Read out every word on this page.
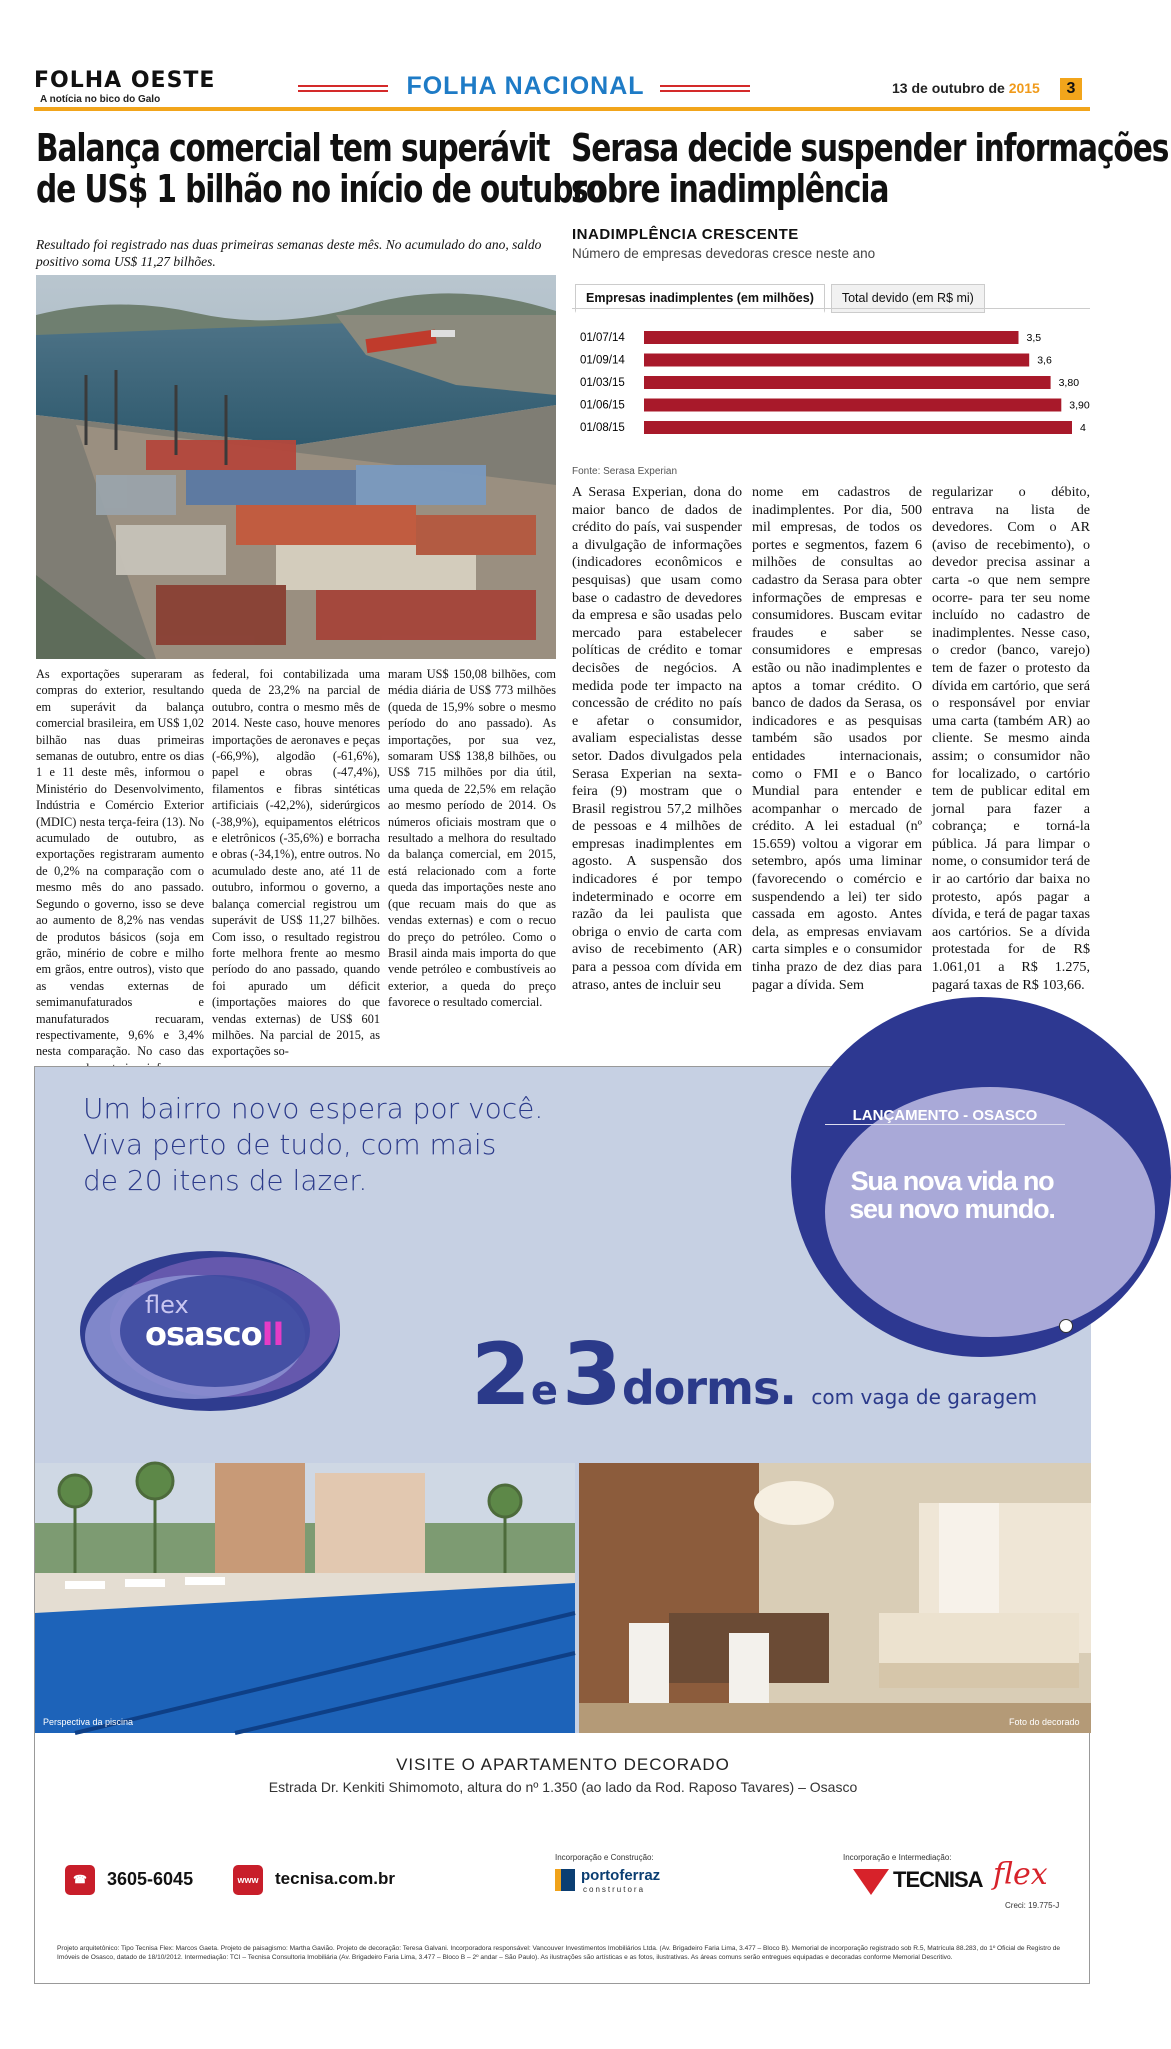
FOLHA OESTE
A notícia no bico do Galo	FOLHA NACIONAL	13 de outubro de 2015	3
Balança comercial tem superávit
de US$ 1 bilhão no início de outubro
Resultado foi registrado nas duas primeiras semanas deste mês. No acumulado do ano, saldo positivo soma US$ 11,27 bilhões.
As exportações superaram as compras do exterior, resultando em superávit da balança comercial brasileira, em US$ 1,02 bilhão nas duas primeiras semanas de outubro, entre os dias 1 e 11 deste mês, informou o Ministério do Desenvolvimento, Indústria e Comércio Exterior (MDIC) nesta terça-feira (13). No acumulado de outubro, as exportações registraram aumento de 0,2% na comparação com o mesmo mês do ano passado. Segundo o governo, isso se deve ao aumento de 8,2% nas vendas de produtos básicos (soja em grão, minério de cobre e milho em grãos, entre outros), visto que as vendas externas de semimanufaturados e manufaturados recuaram, respectivamente, 9,6% e 3,4% nesta comparação. No caso das
federal, foi contabilizada uma queda de 23,2% na parcial de outubro, contra o mesmo mês de 2014. Neste caso, houve menores importações de aeronaves e peças (-66,9%), algodão (-61,6%), papel e obras (-47,4%), filamentos e fibras sintéticas artificiais (-42,2%), siderúrgicos (-38,9%), equipamentos elétricos e eletrônicos (-35,6%) e borracha e obras (-34,1%), entre outros. No acumulado deste ano, até 11 de outubro, informou o governo, a balança comercial registrou um superávit de US$ 11,27 bilhões. Com isso, o resultado registrou forte melhora frente ao mesmo período do ano passado, quando foi apurado um déficit (importações maiores do que vendas externas) de US$ 601 milhões. Na parcial de 2015, as exportações so-
maram US$ 150,08 bilhões, com média diária de US$ 773 milhões (queda de 15,9% sobre o mesmo período do ano passado). As importações, por sua vez, somaram US$ 138,8 bilhões, ou US$ 715 milhões por dia útil, uma queda de 22,5% em relação ao mesmo período de 2014. Os números oficiais mostram que o resultado a melhora do resultado da balança comercial, em 2015, está relacionado com a forte queda das importações neste ano (que recuam mais do que as vendas externas) e com o recuo do preço do petróleo. Como o Brasil ainda mais importa do que vende petróleo e combustíveis ao exterior, a queda do preço favorece o resultado comercial.
Serasa decide suspender informações
sobre inadimplência
INADIMPLÊNCIA CRESCENTE
Número de empresas devedoras cresce neste ano
Empresas inadimplentes (em milhões)	Total devido (em R$ mi)
01/07/14	3,5
01/09/14	3,6
01/03/15	3,80
01/06/15	3,90
01/08/15	4
Fonte: Serasa Experian
A Serasa Experian, dona do maior banco de dados de crédito do país, vai suspender a divulgação de informações (indicadores econômicos e pesquisas) que usam como base o cadastro de devedores da empresa e são usadas pelo mercado para estabelecer políticas de crédito e tomar decisões de negócios. A medida pode ter impacto na concessão de crédito no país e afetar o consumidor, avaliam especialistas desse setor. Dados divulgados pela Serasa Experian na sexta-feira (9) mostram que o Brasil registrou 57,2 milhões de pessoas e 4 milhões de empresas inadimplentes em agosto. A suspensão dos indicadores é por tempo indeterminado e ocorre em razão da lei paulista que obriga o envio de carta com aviso de recebimento (AR) para a pessoa com dívida em atraso, antes de incluir seu
nome em cadastros de inadimplentes. Por dia, 500 mil empresas, de todos os portes e segmentos, fazem 6 milhões de consultas ao cadastro da Serasa para obter informações de empresas e consumidores. Buscam evitar fraudes e saber se consumidores e empresas estão ou não inadimplentes e aptos a tomar crédito. O banco de dados da Serasa, os indicadores e as pesquisas também são usados por entidades internacionais, como o FMI e o Banco Mundial para entender e acompanhar o mercado de crédito. A lei estadual (nº 15.659) voltou a vigorar em setembro, após uma liminar (favorecendo o comércio e suspendendo a lei) ter sido cassada em agosto. Antes dela, as empresas enviavam carta simples e o consumidor tinha prazo de dez dias para pagar a dívida. Sem
regularizar o débito, entrava na lista de devedores. Com o AR (aviso de recebimento), o devedor precisa assinar a carta -o que nem sempre ocorre- para ter seu nome incluído no cadastro de inadimplentes. Nesse caso, o credor (banco, varejo) tem de fazer o protesto da dívida em cartório, que será o responsável por enviar uma carta (também AR) ao cliente. Se mesmo ainda assim; o consumidor não for localizado, o cartório tem de publicar edital em jornal para fazer a cobrança; e torná-la pública. Já para limpar o nome, o consumidor terá de ir ao cartório dar baixa no protesto, após pagar a dívida, e terá de pagar taxas aos cartórios. Se a dívida protestada for de R$ 1.061,01 a R$ 1.275, pagará taxas de R$ 103,66.
Um bairro novo espera por você.
Viva perto de tudo, com mais
de 20 itens de lazer.
LANÇAMENTO - OSASCO
Sua nova vida no
seu novo mundo.
flex
osascoII 2 e3dorms. com vaga de garagem
Perspectiva da piscina	Foto do decorado
VISITE O APARTAMENTO DECORADO
Estrada Dr. Kenkiti Shimomoto, altura do nº 1.350 (ao lado da Rod. Raposo Tavares) – Osasco
☎	3605-6045	www tecnisa.com.br
Incorporação e Construção:
portoferraz
construtora
Incorporação e Intermediação:
TECNISA flex
Creci: 19.775-J
Projeto arquitetônico: Tipo Tecnisa Flex: Marcos Gaeta. Projeto de paisagismo: Martha Gavião. Projeto de decoração: Teresa Galvani. Incorporadora responsável: Vancouver Investimentos Imobiliários Ltda. (Av. Brigadeiro Faria Lima, 3.477 – Bloco B). Memorial de incorporação registrado sob R.5, Matrícula 88.283, do 1º Oficial de Registro de Imóveis de Osasco, datado de 18/10/2012. Intermediação: TCI – Tecnisa Consultoria Imobiliária (Av. Brigadeiro Faria Lima, 3.477 – Bloco B – 2º andar – São Paulo). As ilustrações são artísticas e as fotos, ilustrativas. As áreas comuns serão entregues equipadas e decoradas conforme Memorial Descritivo.
